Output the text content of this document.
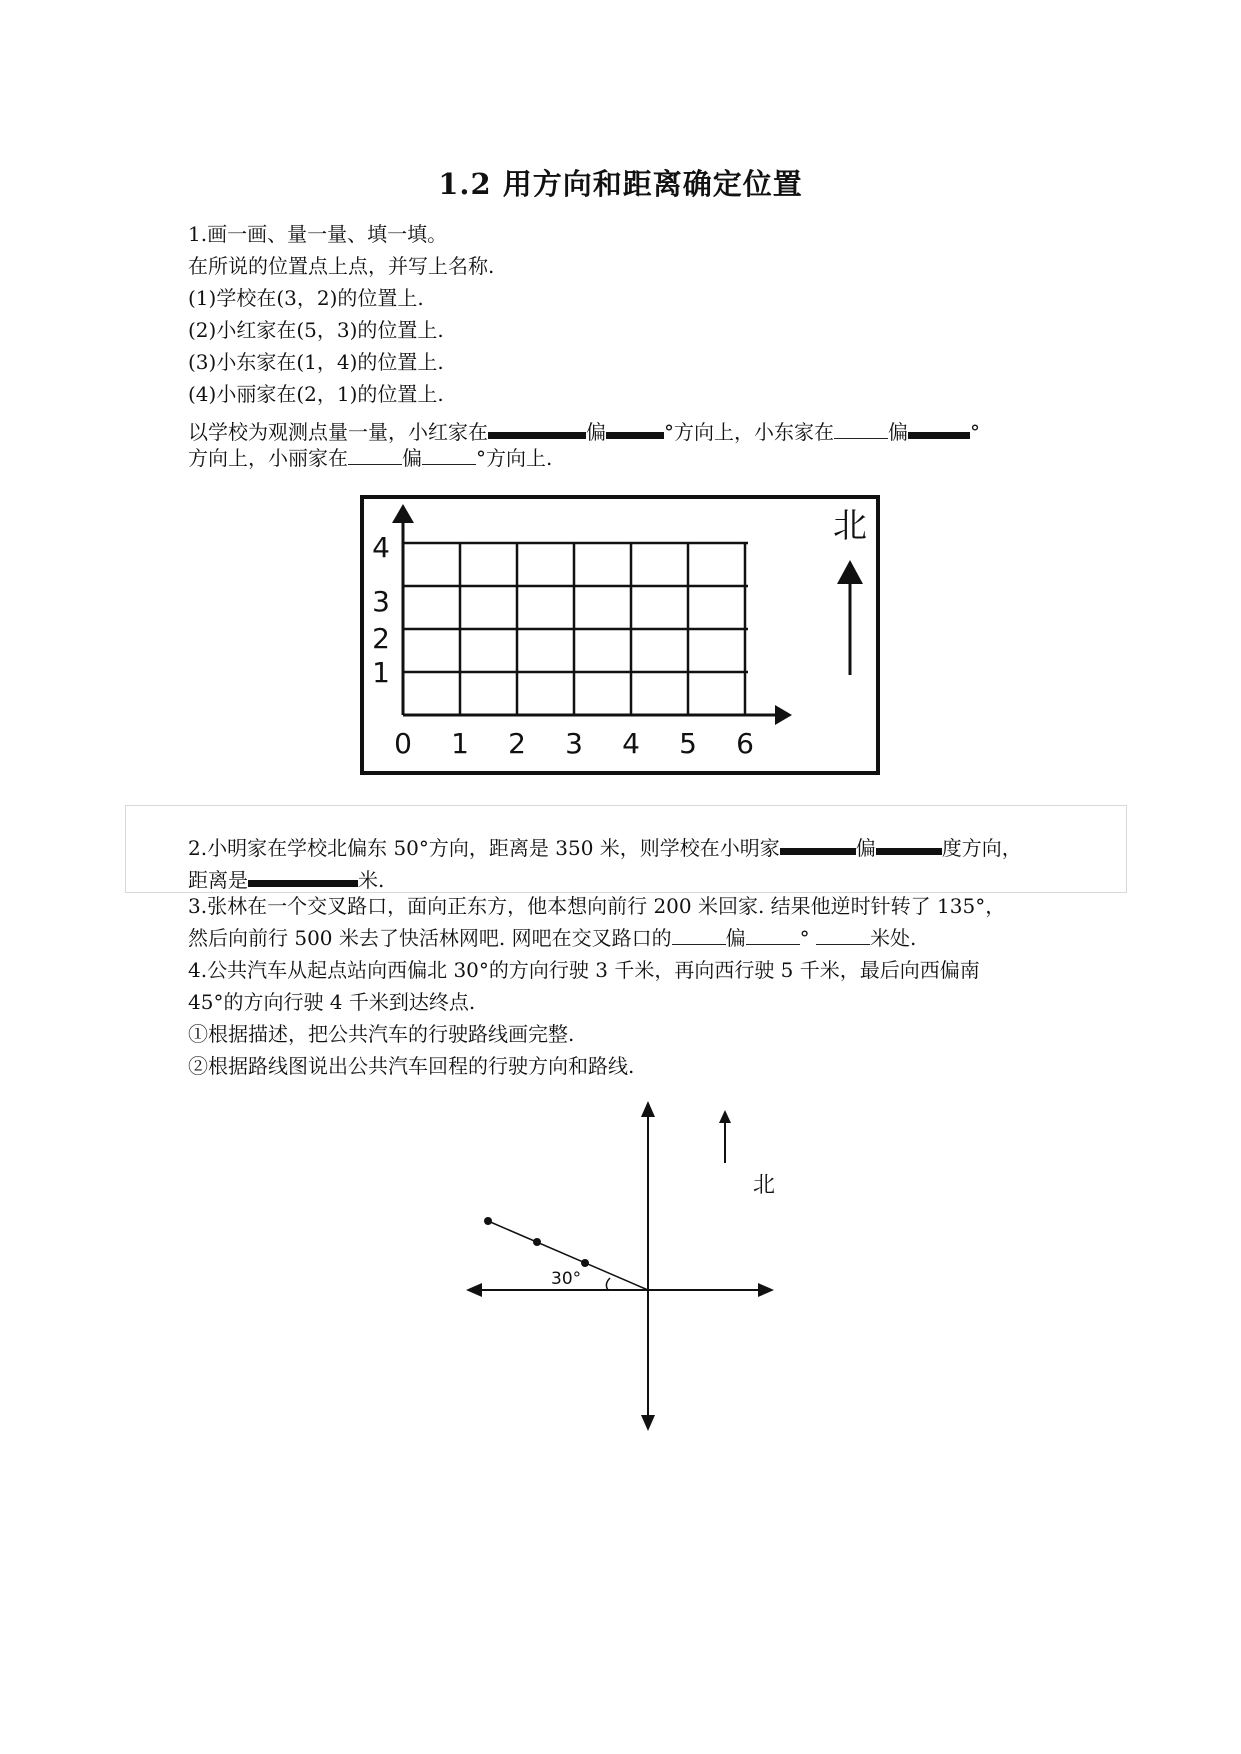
1.2 用方向和距离确定位置
1.画一画、量一量、填一填。
在所说的位置点上点，并写上名称.
(1)学校在(3，2)的位置上.
(2)小红家在(5，3)的位置上.
(3)小东家在(1，4)的位置上.
(4)小丽家在(2，1)的位置上.
以学校为观测点量一量，小红家在	偏	°方向上，小东家在	偏	°
方向上，小丽家在	偏	°方向上.
0 1 2 3 4 5 6
1
2
3
4
北
2.小明家在学校北偏东 50°方向，距离是 350 米，则学校在小明家	偏	度方向，
距离是	米.
3.张林在一个交叉路口，面向正东方，他本想向前行 200 米回家. 结果他逆时针转了 135°，
然后向前行 500 米去了快活林网吧. 网吧在交叉路口的	偏	°	米处.
4.公共汽车从起点站向西偏北 30°的方向行驶 3 千米，再向西行驶 5 千米，最后向西偏南
45°的方向行驶 4 千米到达终点.
①根据描述，把公共汽车的行驶路线画完整.
②根据路线图说出公共汽车回程的行驶方向和路线.
30°
北
